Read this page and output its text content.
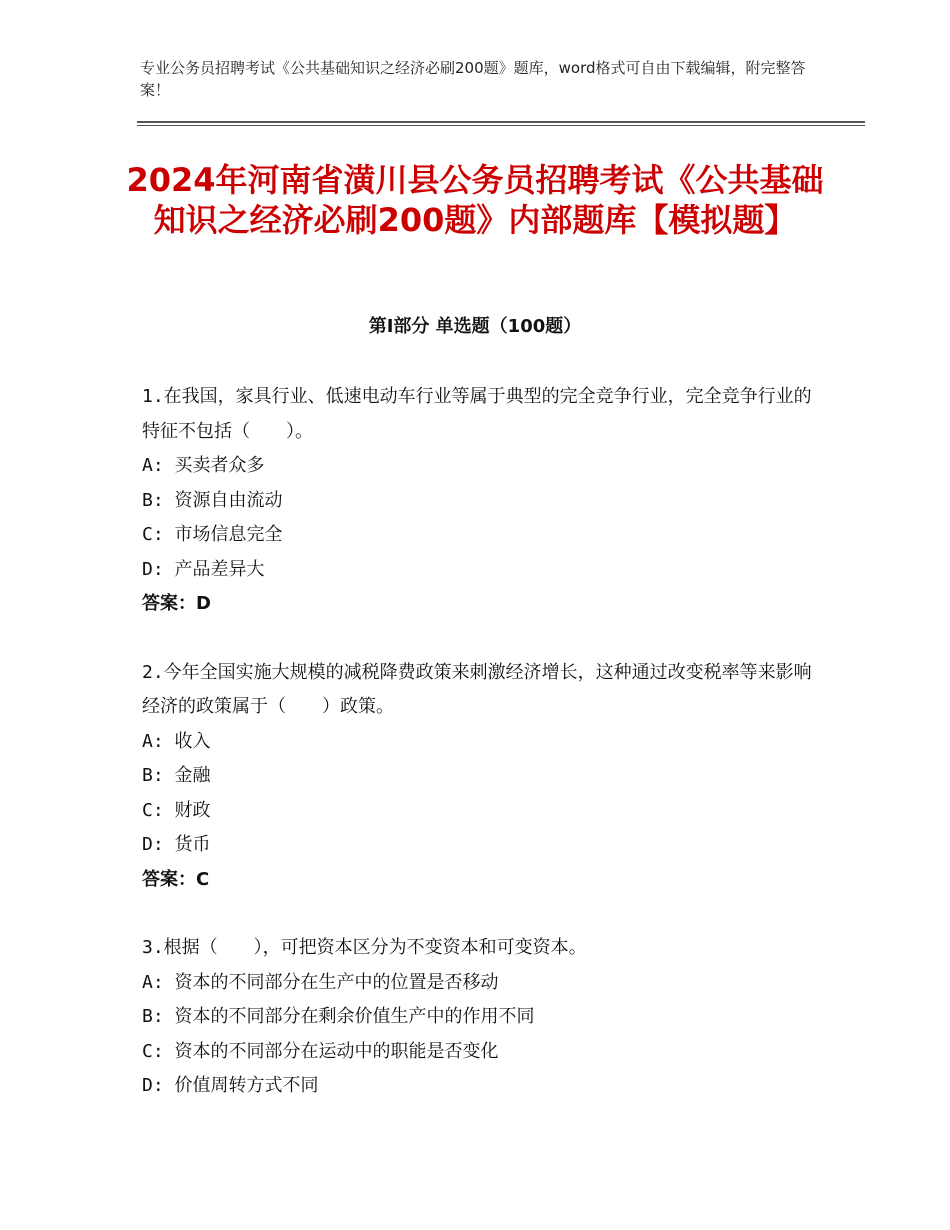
专业公务员招聘考试《公共基础知识之经济必刷200题》题库，word格式可自由下载编辑，附完整答案！
2024年河南省潢川县公务员招聘考试《公共基础知识之经济必刷200题》内部题库【模拟题】
第I部分 单选题（100题）
1.在我国，家具行业、低速电动车行业等属于典型的完全竞争行业，完全竞争行业的特征不包括（　　）。
A: 买卖者众多
B: 资源自由流动
C: 市场信息完全
D: 产品差异大
答案：D
2.今年全国实施大规模的减税降费政策来刺激经济增长，这种通过改变税率等来影响经济的政策属于（　　）政策。
A: 收入
B: 金融
C: 财政
D: 货币
答案：C
3.根据（　　），可把资本区分为不变资本和可变资本。
A: 资本的不同部分在生产中的位置是否移动
B: 资本的不同部分在剩余价值生产中的作用不同
C: 资本的不同部分在运动中的职能是否变化
D: 价值周转方式不同
